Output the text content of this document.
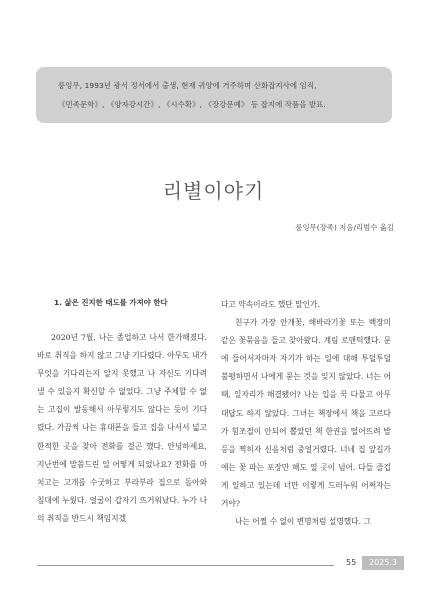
룽잉무, 1993년 광서 정서에서 출생, 현재 귀양에 거주하며 산화잡지사에 임직,
《민족문학》, 《양자강시간》, 《시수확》, 《장강문예》 등 잡지에 작품을 발표.
리별이야기
룽잉무(장족) 지음/리범수 옮김
1. 삶은 진지한 태도를 가져야 한다

2020년 7월, 나는 졸업하고 나서 한가해졌다. 바로 취직을 하지 않고 그냥 기다렸다. 아무도 내가 무엇을 기다리는지 알지 못했고 나 자신도 기다려낼 수 있을지 확신할 수 없었다. 그냥 주체할 수 없는 고집이 발동해서 아무렇지도 않다는 듯이 기다렸다. 가끔씩 나는 휴대폰을 들고 집을 나서서 넓고 한적한 곳을 찾아 전화를 걸곤 했다. 안녕하세요, 지난번에 말씀드린 일 어떻게 되었나요? 전화를 마치고는 고개를 수굿하고 부라부라 집으로 돌아와 침대에 누웠다. 얼굴이 갑자기 뜨거워났다. 누가 나의 취직을 반드시 책임지겠

다고 약속이라도 했단 말인가.

친구가 가장 안개꽃, 해바라기꽃 또는 백장미 같은 꽃묶음을 들고 찾아왔다. 계림 로맨틱했다. 문에 들어서자마자 자기가 하는 일에 대해 투덜투덜 불평하면서 나에게 묻는 것을 잊지 않았다. 너는 어때, 일자리가 해결됐어? 나는 입을 꾹 다물고 아무 대답도 하지 않았다. 그녀는 책장에서 책을 고르다가 힘조절이 안되어 뽑았던 책 한권을 떨어뜨려 발등을 찍히자 신음처럼 중얼거렸다. 너네 집 앞길가에는 꽃 파는 포장만 해도 열 곳이 넘어. 다들 즐겁게 일하고 있는데 너만 이렇게 드러누워 어쩌자는 거야?

나는 어쩔 수 없이 변명처럼 설명했다. 그

55	2025.3
